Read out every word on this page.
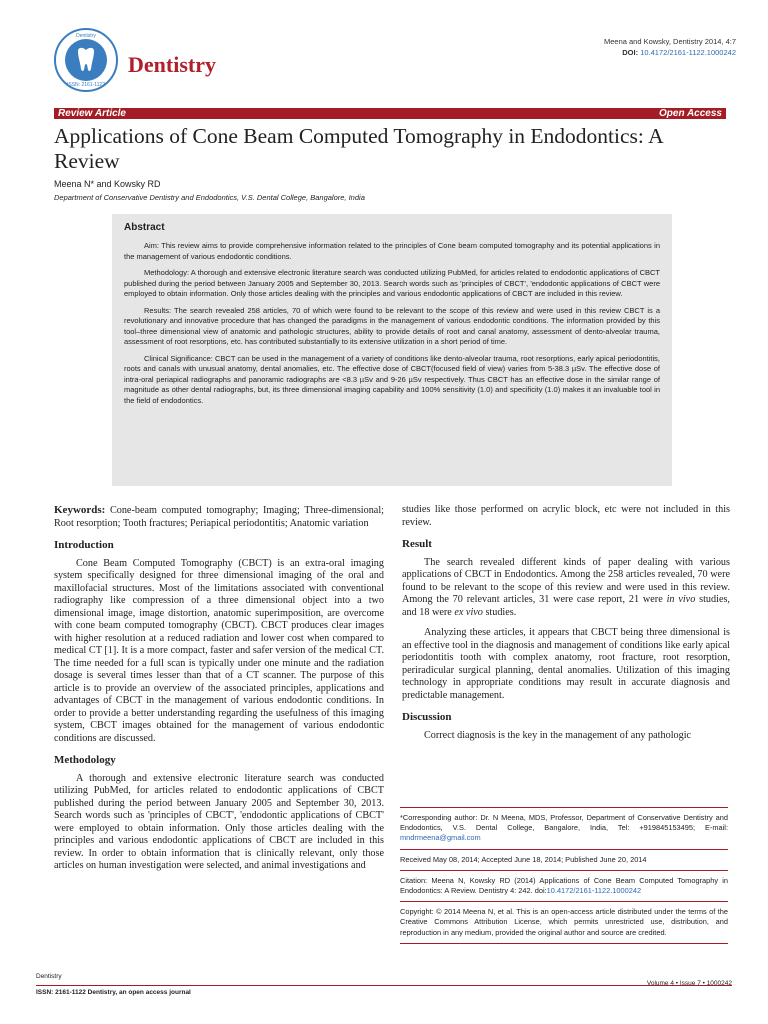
Dentistry
ISSN: 2161-1122
Dentistry
Meena and Kowsky, Dentistry 2014, 4:7
DOI: 10.4172/2161-1122.1000242
Review Article	Open Access
Applications of Cone Beam Computed Tomography in Endodontics: A Review
Meena N* and Kowsky RD
Department of Conservative Dentistry and Endodontics, V.S. Dental College, Bangalore, India
Abstract

Aim: This review aims to provide comprehensive information related to the principles of Cone beam computed tomography and its potential applications in the management of various endodontic conditions.

Methodology: A thorough and extensive electronic literature search was conducted utilizing PubMed, for articles related to endodontic applications of CBCT published during the period between January 2005 and September 30, 2013. Search words such as 'principles of CBCT', 'endodontic applications of CBCT were employed to obtain information. Only those articles dealing with the principles and various endodontic applications of CBCT are included in this review.

Results: The search revealed 258 articles, 70 of which were found to be relevant to the scope of this review and were used in this review CBCT is a revolutionary and innovative procedure that has changed the paradigms in the management of various endodontic conditions. The information provided by this tool–three dimensional view of anatomic and pathologic structures, ability to provide details of root and canal anatomy, assessment of dento-alveolar trauma, assessment of root resorptions, etc. has contributed substantially to its extensive utilization in a short period of time.

Clinical Significance: CBCT can be used in the management of a variety of conditions like dento-alveolar trauma, root resorptions, early apical periodontitis, roots and canals with unusual anatomy, dental anomalies, etc. The effective dose of CBCT(focused field of view) varies from 5-38.3 µSv. The effective dose of intra-oral periapical radiographs and panoramic radiographs are <8.3 µSv and 9-26 µSv respectively. Thus CBCT has an effective dose in the similar range of magnitude as other dental radiographs, but, its three dimensional imaging capability and 100% sensitivity (1.0) and specificity (1.0) makes it an invaluable tool in the field of endodontics.

Keywords: Cone-beam computed tomography; Imaging; Three-dimensional; Root resorption; Tooth fractures; Periapical periodontitis; Anatomic variation

Introduction

Cone Beam Computed Tomography (CBCT) is an extra-oral imaging system specifically designed for three dimensional imaging of the oral and maxillofacial structures. Most of the limitations associated with conventional radiography like compression of a three dimensional object into a two dimensional image, image distortion, anatomic superimposition, are overcome with cone beam computed tomography (CBCT). CBCT produces clear images with higher resolution at a reduced radiation and lower cost when compared to medical CT [1]. It is a more compact, faster and safer version of the medical CT. The time needed for a full scan is typically under one minute and the radiation dosage is several times lesser than that of a CT scanner. The purpose of this article is to provide an overview of the associated principles, applications and advantages of CBCT in the management of various endodontic conditions. In order to provide a better understanding regarding the usefulness of this imaging system, CBCT images obtained for the management of various endodontic conditions are discussed.

Methodology

A thorough and extensive electronic literature search was conducted utilizing PubMed, for articles related to endodontic applications of CBCT published during the period between January 2005 and September 30, 2013. Search words such as 'principles of CBCT', 'endodontic applications of CBCT' were employed to obtain information. Only those articles dealing with the principles and various endodontic applications of CBCT are included in this review. In order to obtain information that is clinically relevant, only those articles on human investigation were selected, and animal investigations and

studies like those performed on acrylic block, etc were not included in this review.

Result

The search revealed different kinds of paper dealing with various applications of CBCT in Endodontics. Among the 258 articles revealed, 70 were found to be relevant to the scope of this review and were used in this review. Among the 70 relevant articles, 31 were case report, 21 were in vivo studies, and 18 were ex vivo studies.

Analyzing these articles, it appears that CBCT being three dimensional is an effective tool in the diagnosis and management of conditions like early apical periodontitis tooth with complex anatomy, root fracture, root resorption, periradicular surgical planning, dental anomalies. Utilization of this imaging technology in appropriate conditions may result in accurate diagnosis and predictable management.

Discussion

Correct diagnosis is the key in the management of any pathologic

*Corresponding author: Dr. N Meena, MDS, Professor, Department of Conservative Dentistry and Endodontics, V.S. Dental College, Bangalore, India, Tel: +919845153495; E-mail: mndrmeena@gmail.com

Received May 08, 2014; Accepted June 18, 2014; Published June 20, 2014

Citation: Meena N, Kowsky RD (2014) Applications of Cone Beam Computed Tomography in Endodontics: A Review. Dentistry 4: 242. doi:10.4172/2161-1122.1000242

Copyright: © 2014 Meena N, et al. This is an open-access article distributed under the terms of the Creative Commons Attribution License, which permits unrestricted use, distribution, and reproduction in any medium, provided the original author and source are credited.

Dentistry
ISSN: 2161-1122 Dentistry, an open access journal
Volume 4 • Issue 7 • 1000242
